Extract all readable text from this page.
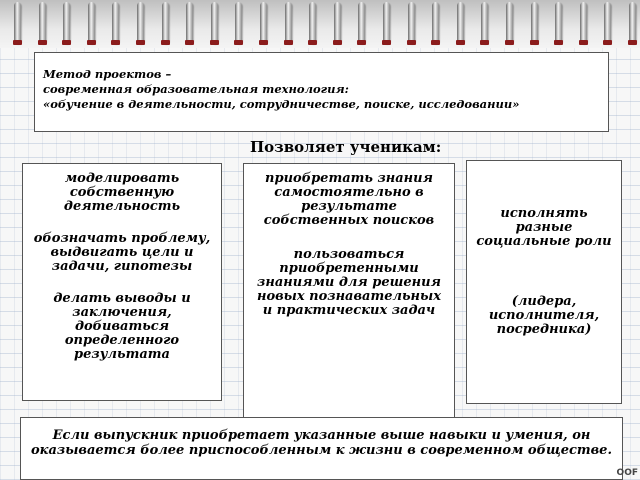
Метод проектов –
современная образовательная технология:
«обучение в деятельности, сотрудничестве, поиске, исследовании»
Позволяет ученикам:
моделировать собственную деятельность
обозначать проблему, выдвигать цели и задачи, гипотезы
делать выводы и заключения, добиваться определенного результата
приобретать знания самостоятельно в результате собственных поисков
пользоваться приобретенными знаниями для решения новых познавательных и практических задач
исполнять разные социальные роли
(лидера, исполнителя, посредника)
Если выпускник приобретает указанные выше навыки и умения, он оказывается более приспособленным к жизни в современном обществе.
OOF
